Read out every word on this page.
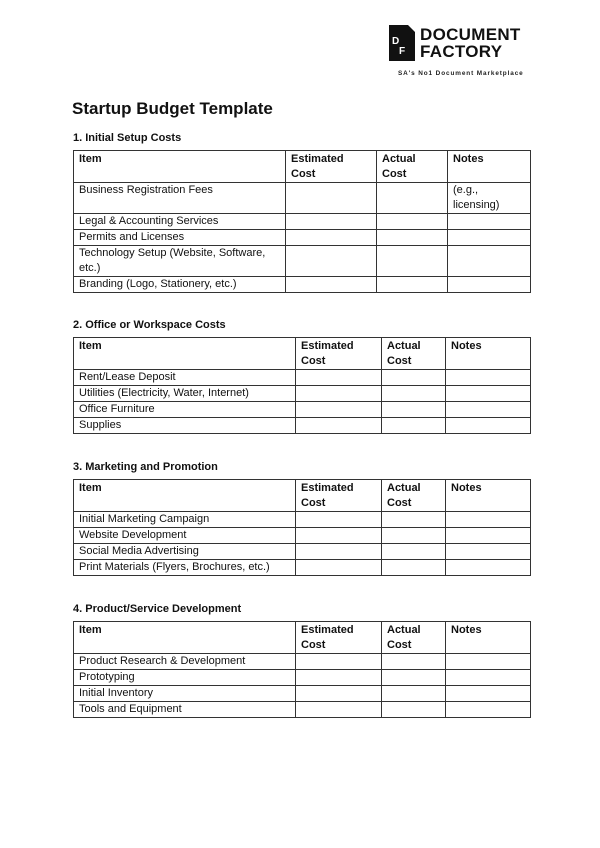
D
F
DOCUMENT
FACTORY
SA's No1 Document Marketplace
Startup Budget Template
1. Initial Setup Costs
Item	Estimated Cost	Actual Cost	Notes
Business Registration Fees			(e.g., licensing)
Legal & Accounting Services			
Permits and Licenses			
Technology Setup (Website, Software, etc.)			
Branding (Logo, Stationery, etc.)			
2. Office or Workspace Costs
Item	Estimated Cost	Actual Cost	Notes
Rent/Lease Deposit			
Utilities (Electricity, Water, Internet)			
Office Furniture			
Supplies			
3. Marketing and Promotion
Item	Estimated Cost	Actual Cost	Notes
Initial Marketing Campaign			
Website Development			
Social Media Advertising			
Print Materials (Flyers, Brochures, etc.)			
4. Product/Service Development
Item	Estimated Cost	Actual Cost	Notes
Product Research & Development			
Prototyping			
Initial Inventory			
Tools and Equipment			
